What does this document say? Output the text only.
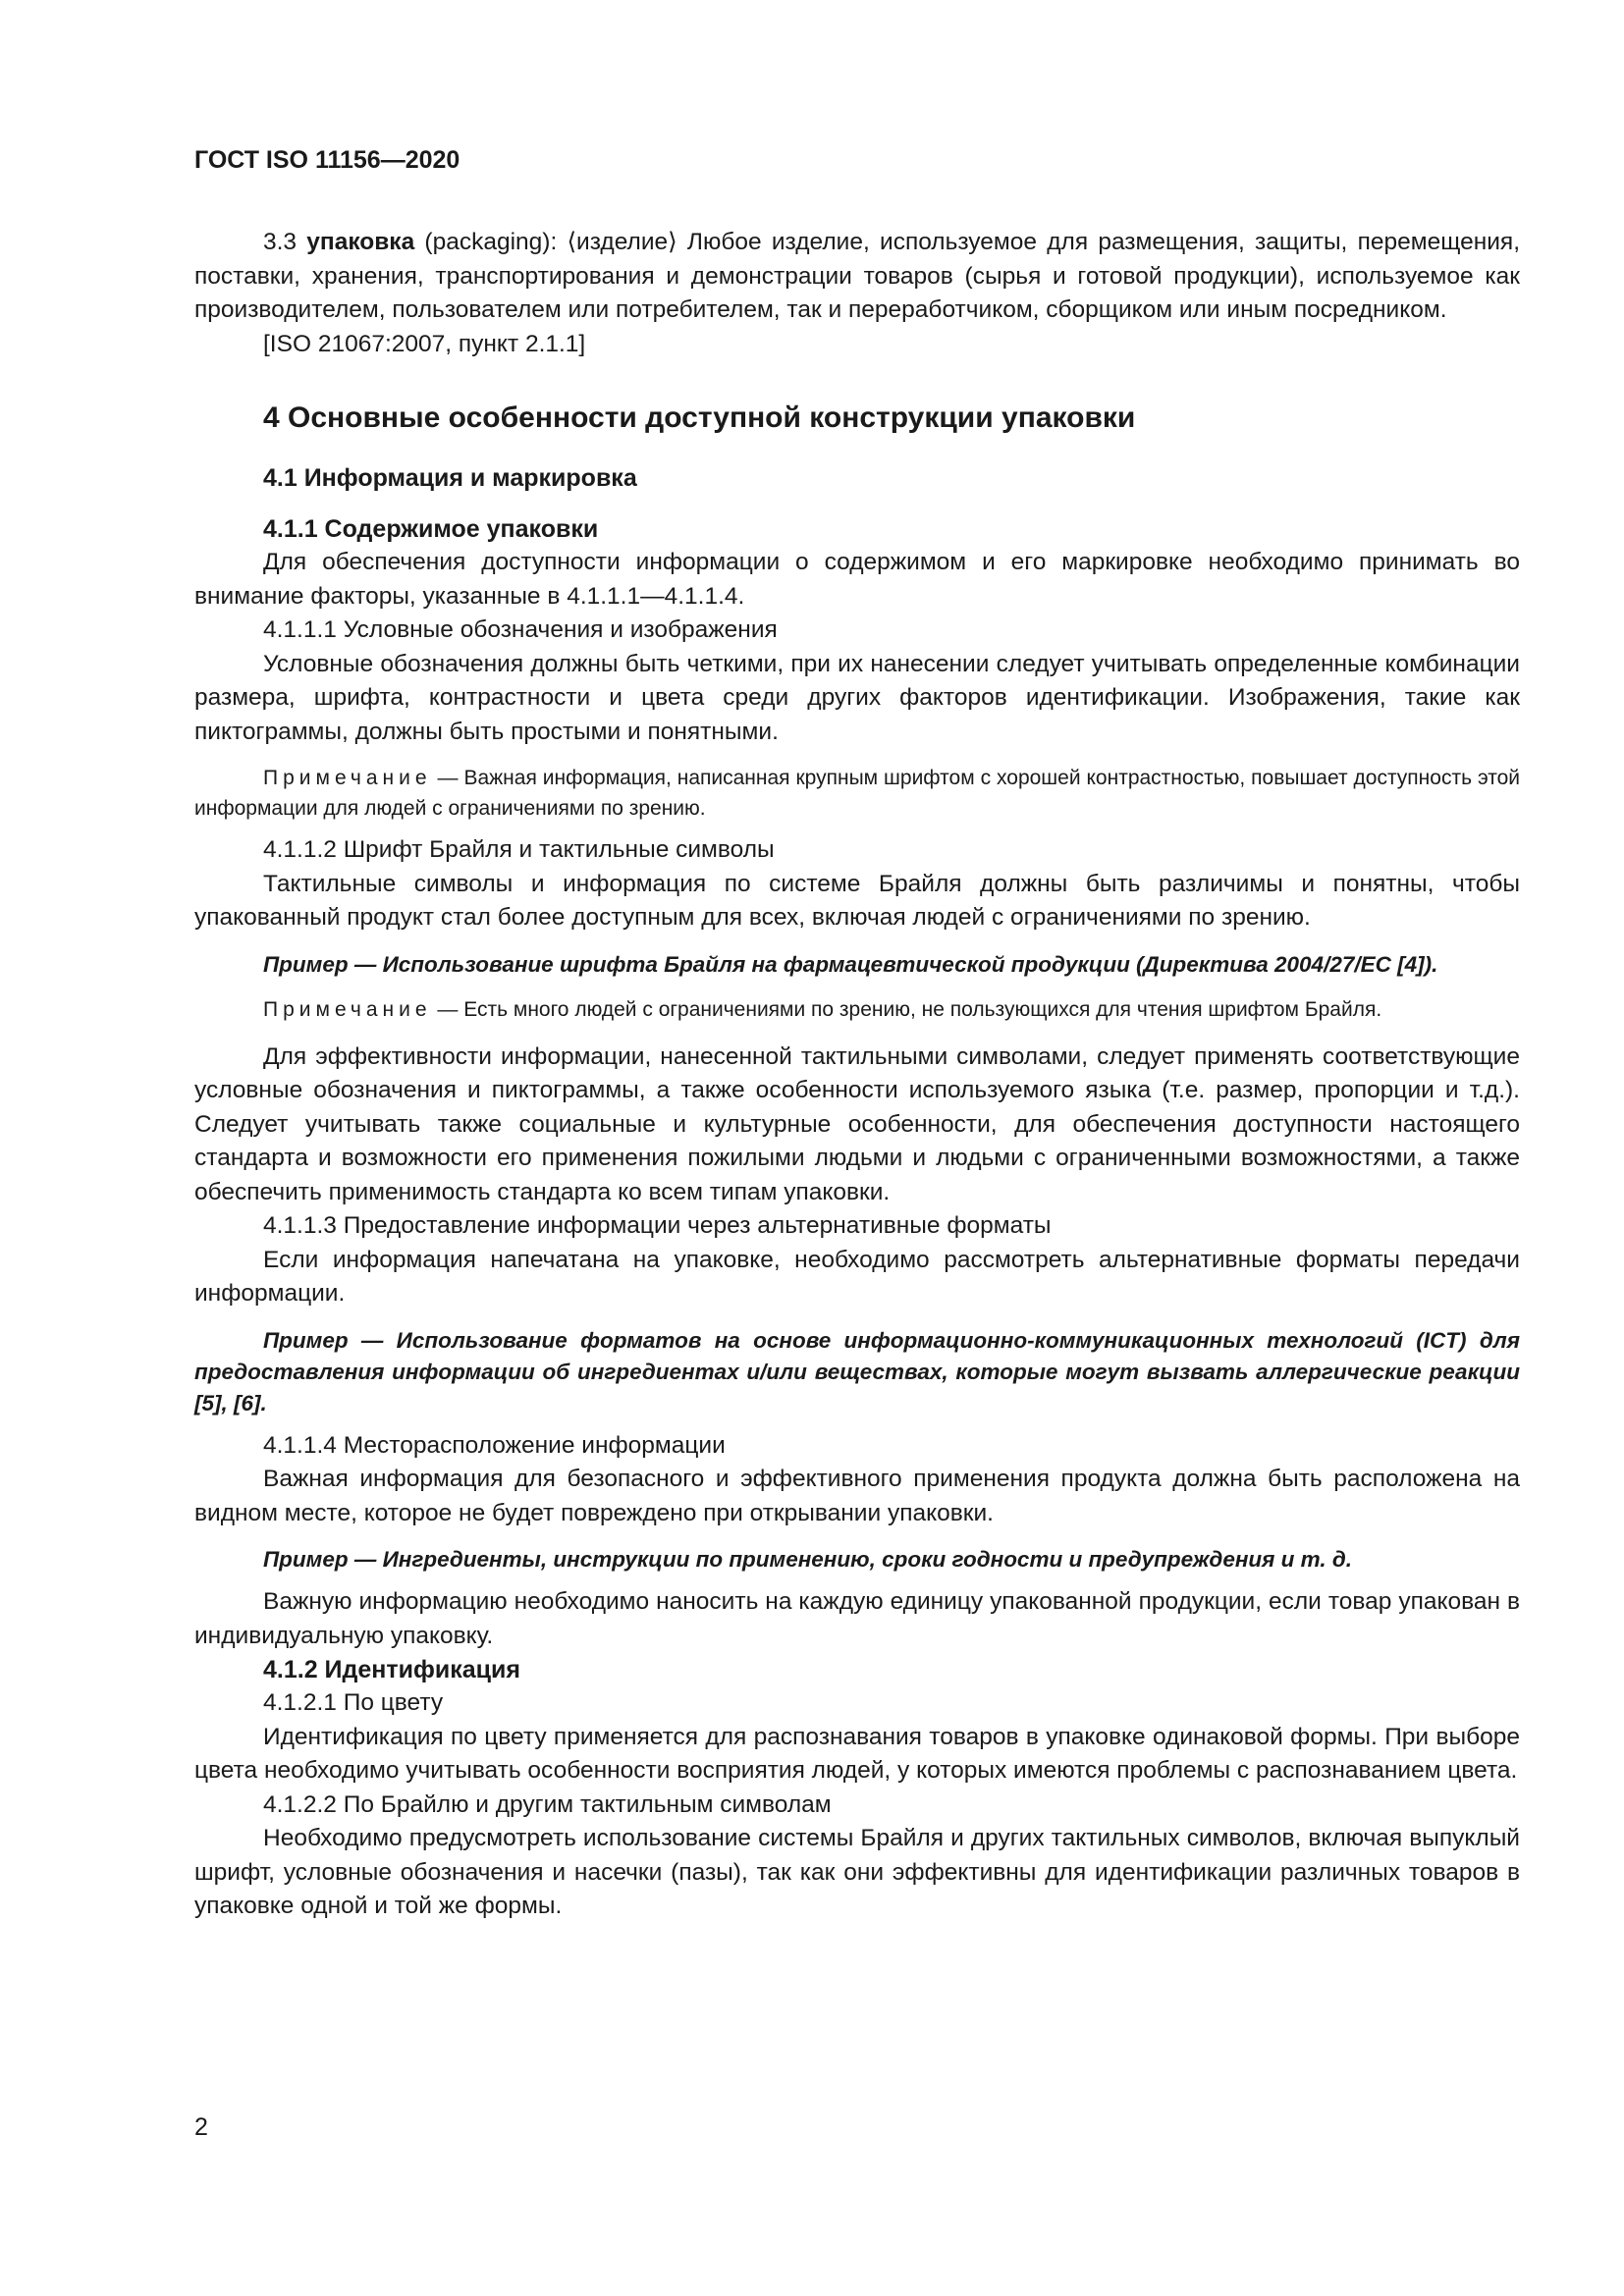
ГОСТ ISO 11156—2020

3.3 упаковка (packaging): ⟨изделие⟩ Любое изделие, используемое для размещения, защиты, перемещения, поставки, хранения, транспортирования и демонстрации товаров (сырья и готовой продукции), используемое как производителем, пользователем или потребителем, так и переработчиком, сборщиком или иным посредником.

[ISO 21067:2007, пункт 2.1.1]

4 Основные особенности доступной конструкции упаковки
4.1 Информация и маркировка
4.1.1 Содержимое упаковки

Для обеспечения доступности информации о содержимом и его маркировке необходимо принимать во внимание факторы, указанные в 4.1.1.1—4.1.1.4.

4.1.1.1 Условные обозначения и изображения

Условные обозначения должны быть четкими, при их нанесении следует учитывать определенные комбинации размера, шрифта, контрастности и цвета среди других факторов идентификации. Изображения, такие как пиктограммы, должны быть простыми и понятными.

Примечание — Важная информация, написанная крупным шрифтом с хорошей контрастностью, повышает доступность этой информации для людей с ограничениями по зрению.

4.1.1.2 Шрифт Брайля и тактильные символы

Тактильные символы и информация по системе Брайля должны быть различимы и понятны, чтобы упакованный продукт стал более доступным для всех, включая людей с ограничениями по зрению.

Пример — Использование шрифта Брайля на фармацевтической продукции (Директива 2004/27/EC [4]).

Примечание — Есть много людей с ограничениями по зрению, не пользующихся для чтения шрифтом Брайля.

Для эффективности информации, нанесенной тактильными символами, следует применять соответствующие условные обозначения и пиктограммы, а также особенности используемого языка (т.е. размер, пропорции и т.д.). Следует учитывать также социальные и культурные особенности, для обеспечения доступности настоящего стандарта и возможности его применения пожилыми людьми и людьми с ограниченными возможностями, а также обеспечить применимость стандарта ко всем типам упаковки.

4.1.1.3 Предоставление информации через альтернативные форматы

Если информация напечатана на упаковке, необходимо рассмотреть альтернативные форматы передачи информации.

Пример — Использование форматов на основе информационно-коммуникационных технологий (ICT) для предоставления информации об ингредиентах и/или веществах, которые могут вызвать аллергические реакции [5], [6].

4.1.1.4 Месторасположение информации

Важная информация для безопасного и эффективного применения продукта должна быть расположена на видном месте, которое не будет повреждено при открывании упаковки.

Пример — Ингредиенты, инструкции по применению, сроки годности и предупреждения и т. д.

Важную информацию необходимо наносить на каждую единицу упакованной продукции, если товар упакован в индивидуальную упаковку.

4.1.2 Идентификация

4.1.2.1 По цвету

Идентификация по цвету применяется для распознавания товаров в упаковке одинаковой формы. При выборе цвета необходимо учитывать особенности восприятия людей, у которых имеются проблемы с распознаванием цвета.

4.1.2.2 По Брайлю и другим тактильным символам

Необходимо предусмотреть использование системы Брайля и других тактильных символов, включая выпуклый шрифт, условные обозначения и насечки (пазы), так как они эффективны для идентификации различных товаров в упаковке одной и той же формы.

2
